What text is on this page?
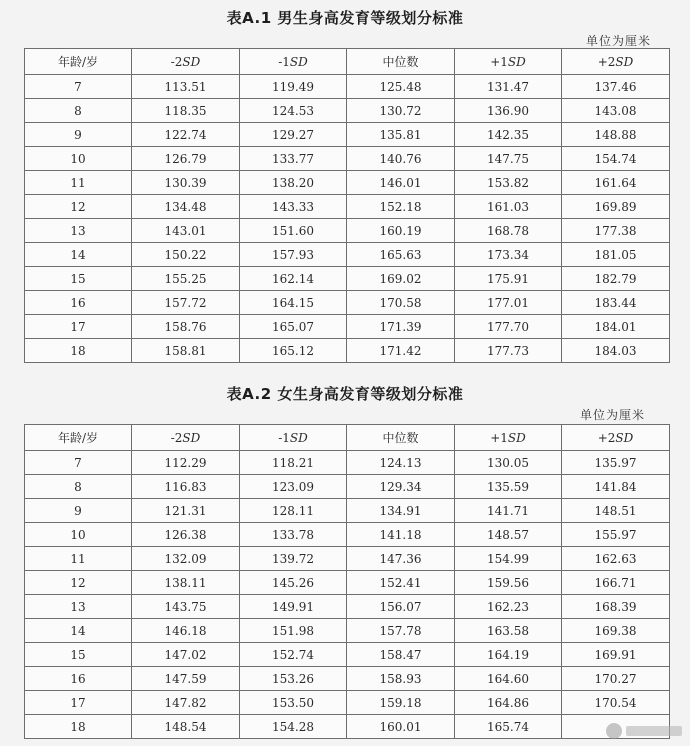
表A.1 男生身高发育等级划分标准
单位为厘米
年龄/岁	-2SD	-1SD	中位数	+1SD	+2SD
7	113.51	119.49	125.48	131.47	137.46
8	118.35	124.53	130.72	136.90	143.08
9	122.74	129.27	135.81	142.35	148.88
10	126.79	133.77	140.76	147.75	154.74
11	130.39	138.20	146.01	153.82	161.64
12	134.48	143.33	152.18	161.03	169.89
13	143.01	151.60	160.19	168.78	177.38
14	150.22	157.93	165.63	173.34	181.05
15	155.25	162.14	169.02	175.91	182.79
16	157.72	164.15	170.58	177.01	183.44
17	158.76	165.07	171.39	177.70	184.01
18	158.81	165.12	171.42	177.73	184.03
表A.2 女生身高发育等级划分标准
单位为厘米
年龄/岁	-2SD	-1SD	中位数	+1SD	+2SD
7	112.29	118.21	124.13	130.05	135.97
8	116.83	123.09	129.34	135.59	141.84
9	121.31	128.11	134.91	141.71	148.51
10	126.38	133.78	141.18	148.57	155.97
11	132.09	139.72	147.36	154.99	162.63
12	138.11	145.26	152.41	159.56	166.71
13	143.75	149.91	156.07	162.23	168.39
14	146.18	151.98	157.78	163.58	169.38
15	147.02	152.74	158.47	164.19	169.91
16	147.59	153.26	158.93	164.60	170.27
17	147.82	153.50	159.18	164.86	170.54
18	148.54	154.28	160.01	165.74	
